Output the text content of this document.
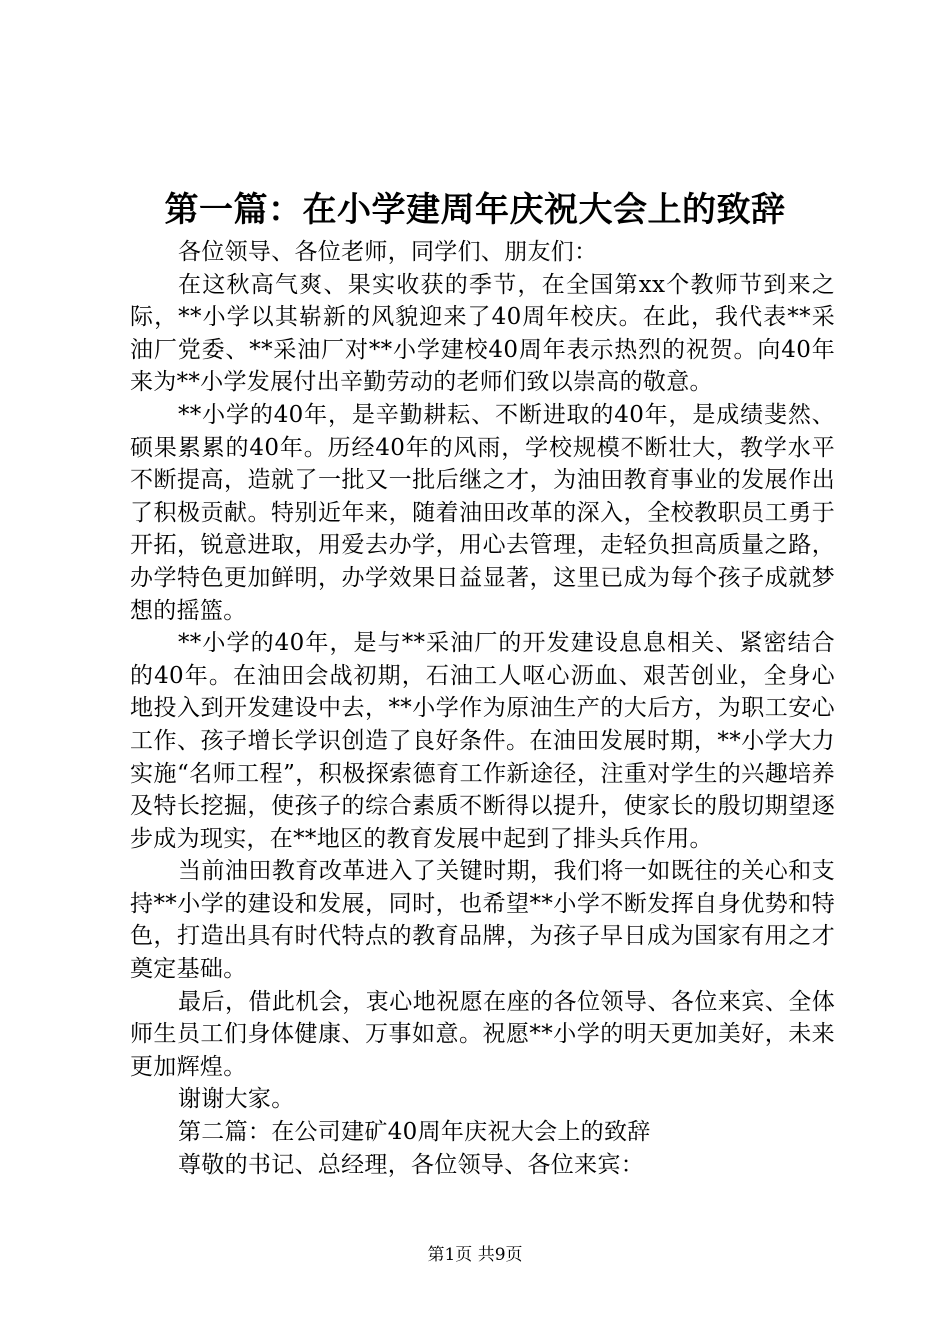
第一篇：在小学建周年庆祝大会上的致辞

各位领导、各位老师，同学们、朋友们：

在这秋高气爽、果实收获的季节，在全国第xx个教师节到来之际，**小学以其崭新的风貌迎来了40周年校庆。在此，我代表**采油厂党委、**采油厂对**小学建校40周年表示热烈的祝贺。向40年来为**小学发展付出辛勤劳动的老师们致以崇高的敬意。

**小学的40年，是辛勤耕耘、不断进取的40年，是成绩斐然、硕果累累的40年。历经40年的风雨，学校规模不断壮大，教学水平不断提高，造就了一批又一批后继之才，为油田教育事业的发展作出了积极贡献。特别近年来，随着油田改革的深入，全校教职员工勇于开拓，锐意进取，用爱去办学，用心去管理，走轻负担高质量之路，办学特色更加鲜明，办学效果日益显著，这里已成为每个孩子成就梦想的摇篮。

**小学的40年，是与**采油厂的开发建设息息相关、紧密结合的40年。在油田会战初期，石油工人呕心沥血、艰苦创业，全身心地投入到开发建设中去，**小学作为原油生产的大后方，为职工安心工作、孩子增长学识创造了良好条件。在油田发展时期，**小学大力实施“名师工程”，积极探索德育工作新途径，注重对学生的兴趣培养及特长挖掘，使孩子的综合素质不断得以提升，使家长的殷切期望逐步成为现实，在**地区的教育发展中起到了排头兵作用。

当前油田教育改革进入了关键时期，我们将一如既往的关心和支持**小学的建设和发展，同时，也希望**小学不断发挥自身优势和特色，打造出具有时代特点的教育品牌，为孩子早日成为国家有用之才奠定基础。

最后，借此机会，衷心地祝愿在座的各位领导、各位来宾、全体师生员工们身体健康、万事如意。祝愿**小学的明天更加美好，未来更加辉煌。

谢谢大家。

第二篇：在公司建矿40周年庆祝大会上的致辞

尊敬的书记、总经理，各位领导、各位来宾：

第1页 共9页
